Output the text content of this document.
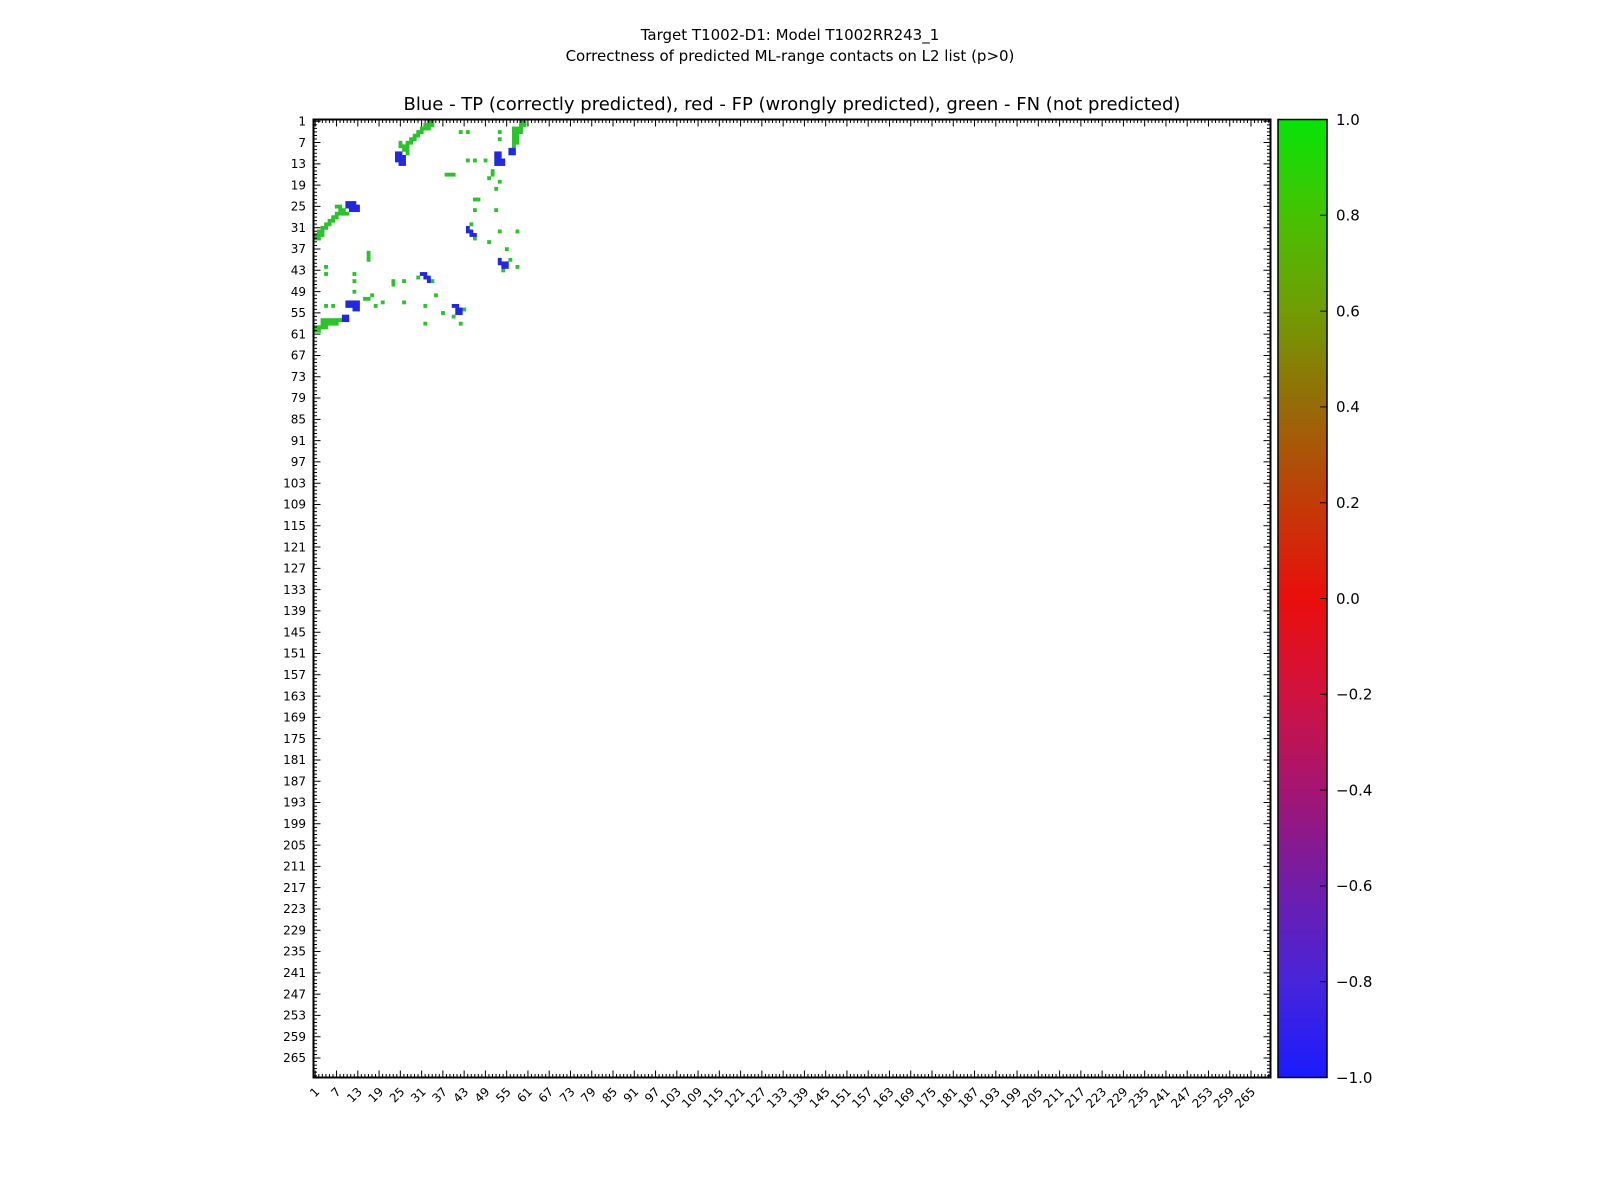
Target T1002-D1: Model T1002RR243_1
Correctness of predicted ML-range contacts on L2 list (p>0)
Blue - TP (correctly predicted), red - FP (wrongly predicted), green - FN (not predicted)
1
1
7
7
13
13
19
19
25
25
31
31
37
37
43
43
49
49
55
55
61
61
67
67
73
73
79
79
85
85
91
91
97
97
103
103
109
109
115
115
121
121
127
127
133
133
139
139
145
145
151
151
157
157
163
163
169
169
175
175
181
181
187
187
193
193
199
199
205
205
211
211
217
217
223
223
229
229
235
235
241
241
247
247
253
253
259
259
265
265
1.0
0.8
0.6
0.4
0.2
0.0
−0.2
−0.4
−0.6
−0.8
−1.0
